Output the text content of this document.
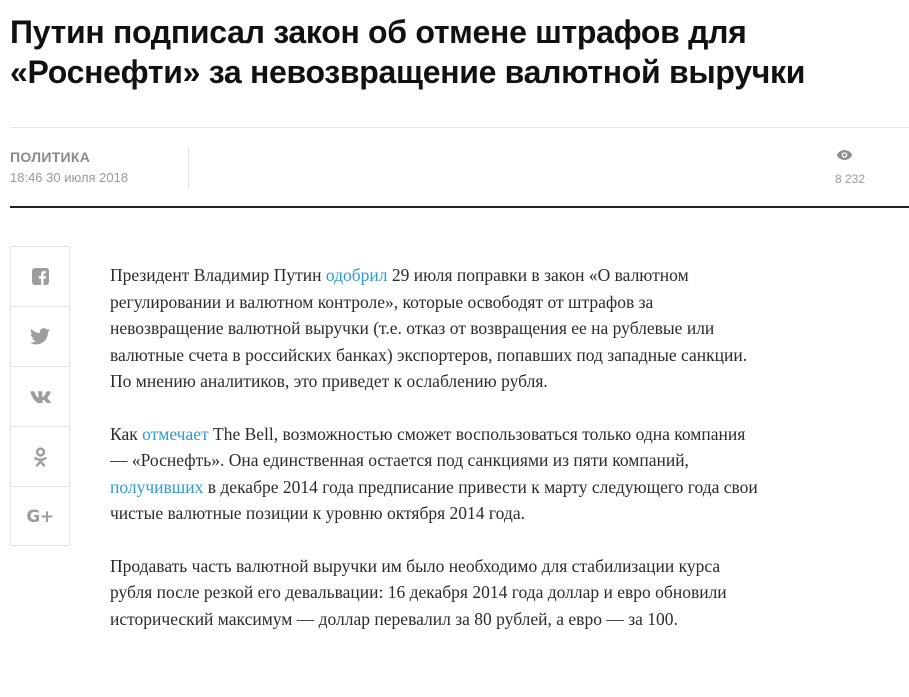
Путин подписал закон об отмене штрафов для
«Роснефти» за невозвращение валютной выручки
ПОЛИТИКА
18:46 30 июля 2018	8 232
G+

Президент Владимир Путин одобрил 29 июля поправки в закон «О валютном регулировании и валютном контроле», которые освободят от штрафов за невозвращение валютной выручки (т.е. отказ от возвращения ее на рублевые или валютные счета в российских банках) экспортеров, попавших под западные санкции. По мнению аналитиков, это приведет к ослаблению рубля.

Как отмечает The Bell, возможностью сможет воспользоваться только одна компания — «Роснефть». Она единственная остается под санкциями из пяти компаний, получивших в декабре 2014 года предписание привести к марту следующего года свои чистые валютные позиции к уровню октября 2014 года.

Продавать часть валютной выручки им было необходимо для стабилизации курса рубля после резкой его девальвации: 16 декабря 2014 года доллар и евро обновили исторический максимум — доллар перевалил за 80 рублей, а евро — за 100.
